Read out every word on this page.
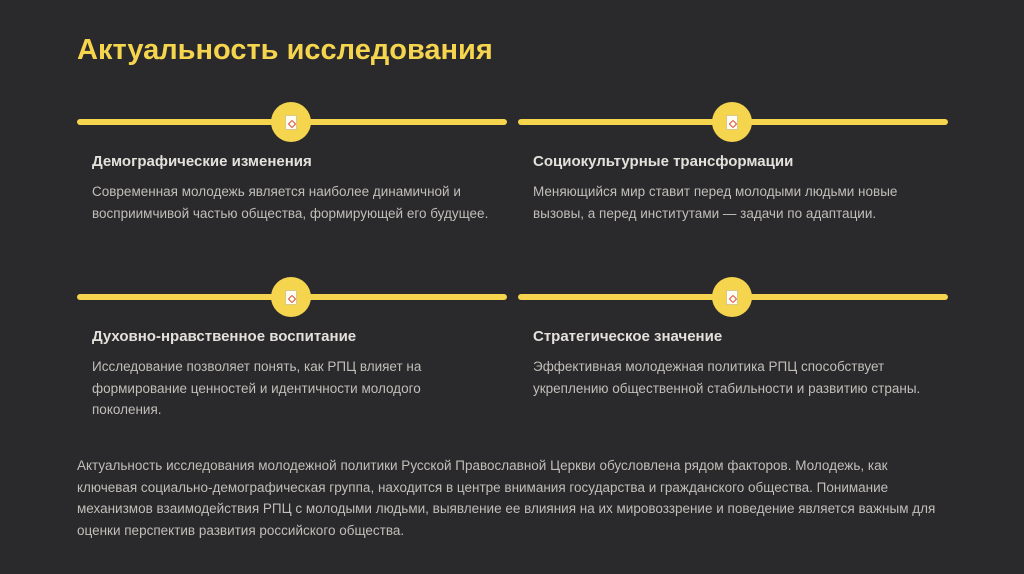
Актуальность исследования
Демографические изменения
Современная молодежь является наиболее динамичной и восприимчивой частью общества, формирующей его будущее.
Социокультурные трансформации
Меняющийся мир ставит перед молодыми людьми новые вызовы, а перед институтами — задачи по адаптации.
Духовно-нравственное воспитание
Исследование позволяет понять, как РПЦ влияет на формирование ценностей и идентичности молодого поколения.
Стратегическое значение
Эффективная молодежная политика РПЦ способствует укреплению общественной стабильности и развитию страны.

Актуальность исследования молодежной политики Русской Православной Церкви обусловлена рядом факторов. Молодежь, как ключевая социально-демографическая группа, находится в центре внимания государства и гражданского общества. Понимание механизмов взаимодействия РПЦ с молодыми людьми, выявление ее влияния на их мировоззрение и поведение является важным для оценки перспектив развития российского общества.
